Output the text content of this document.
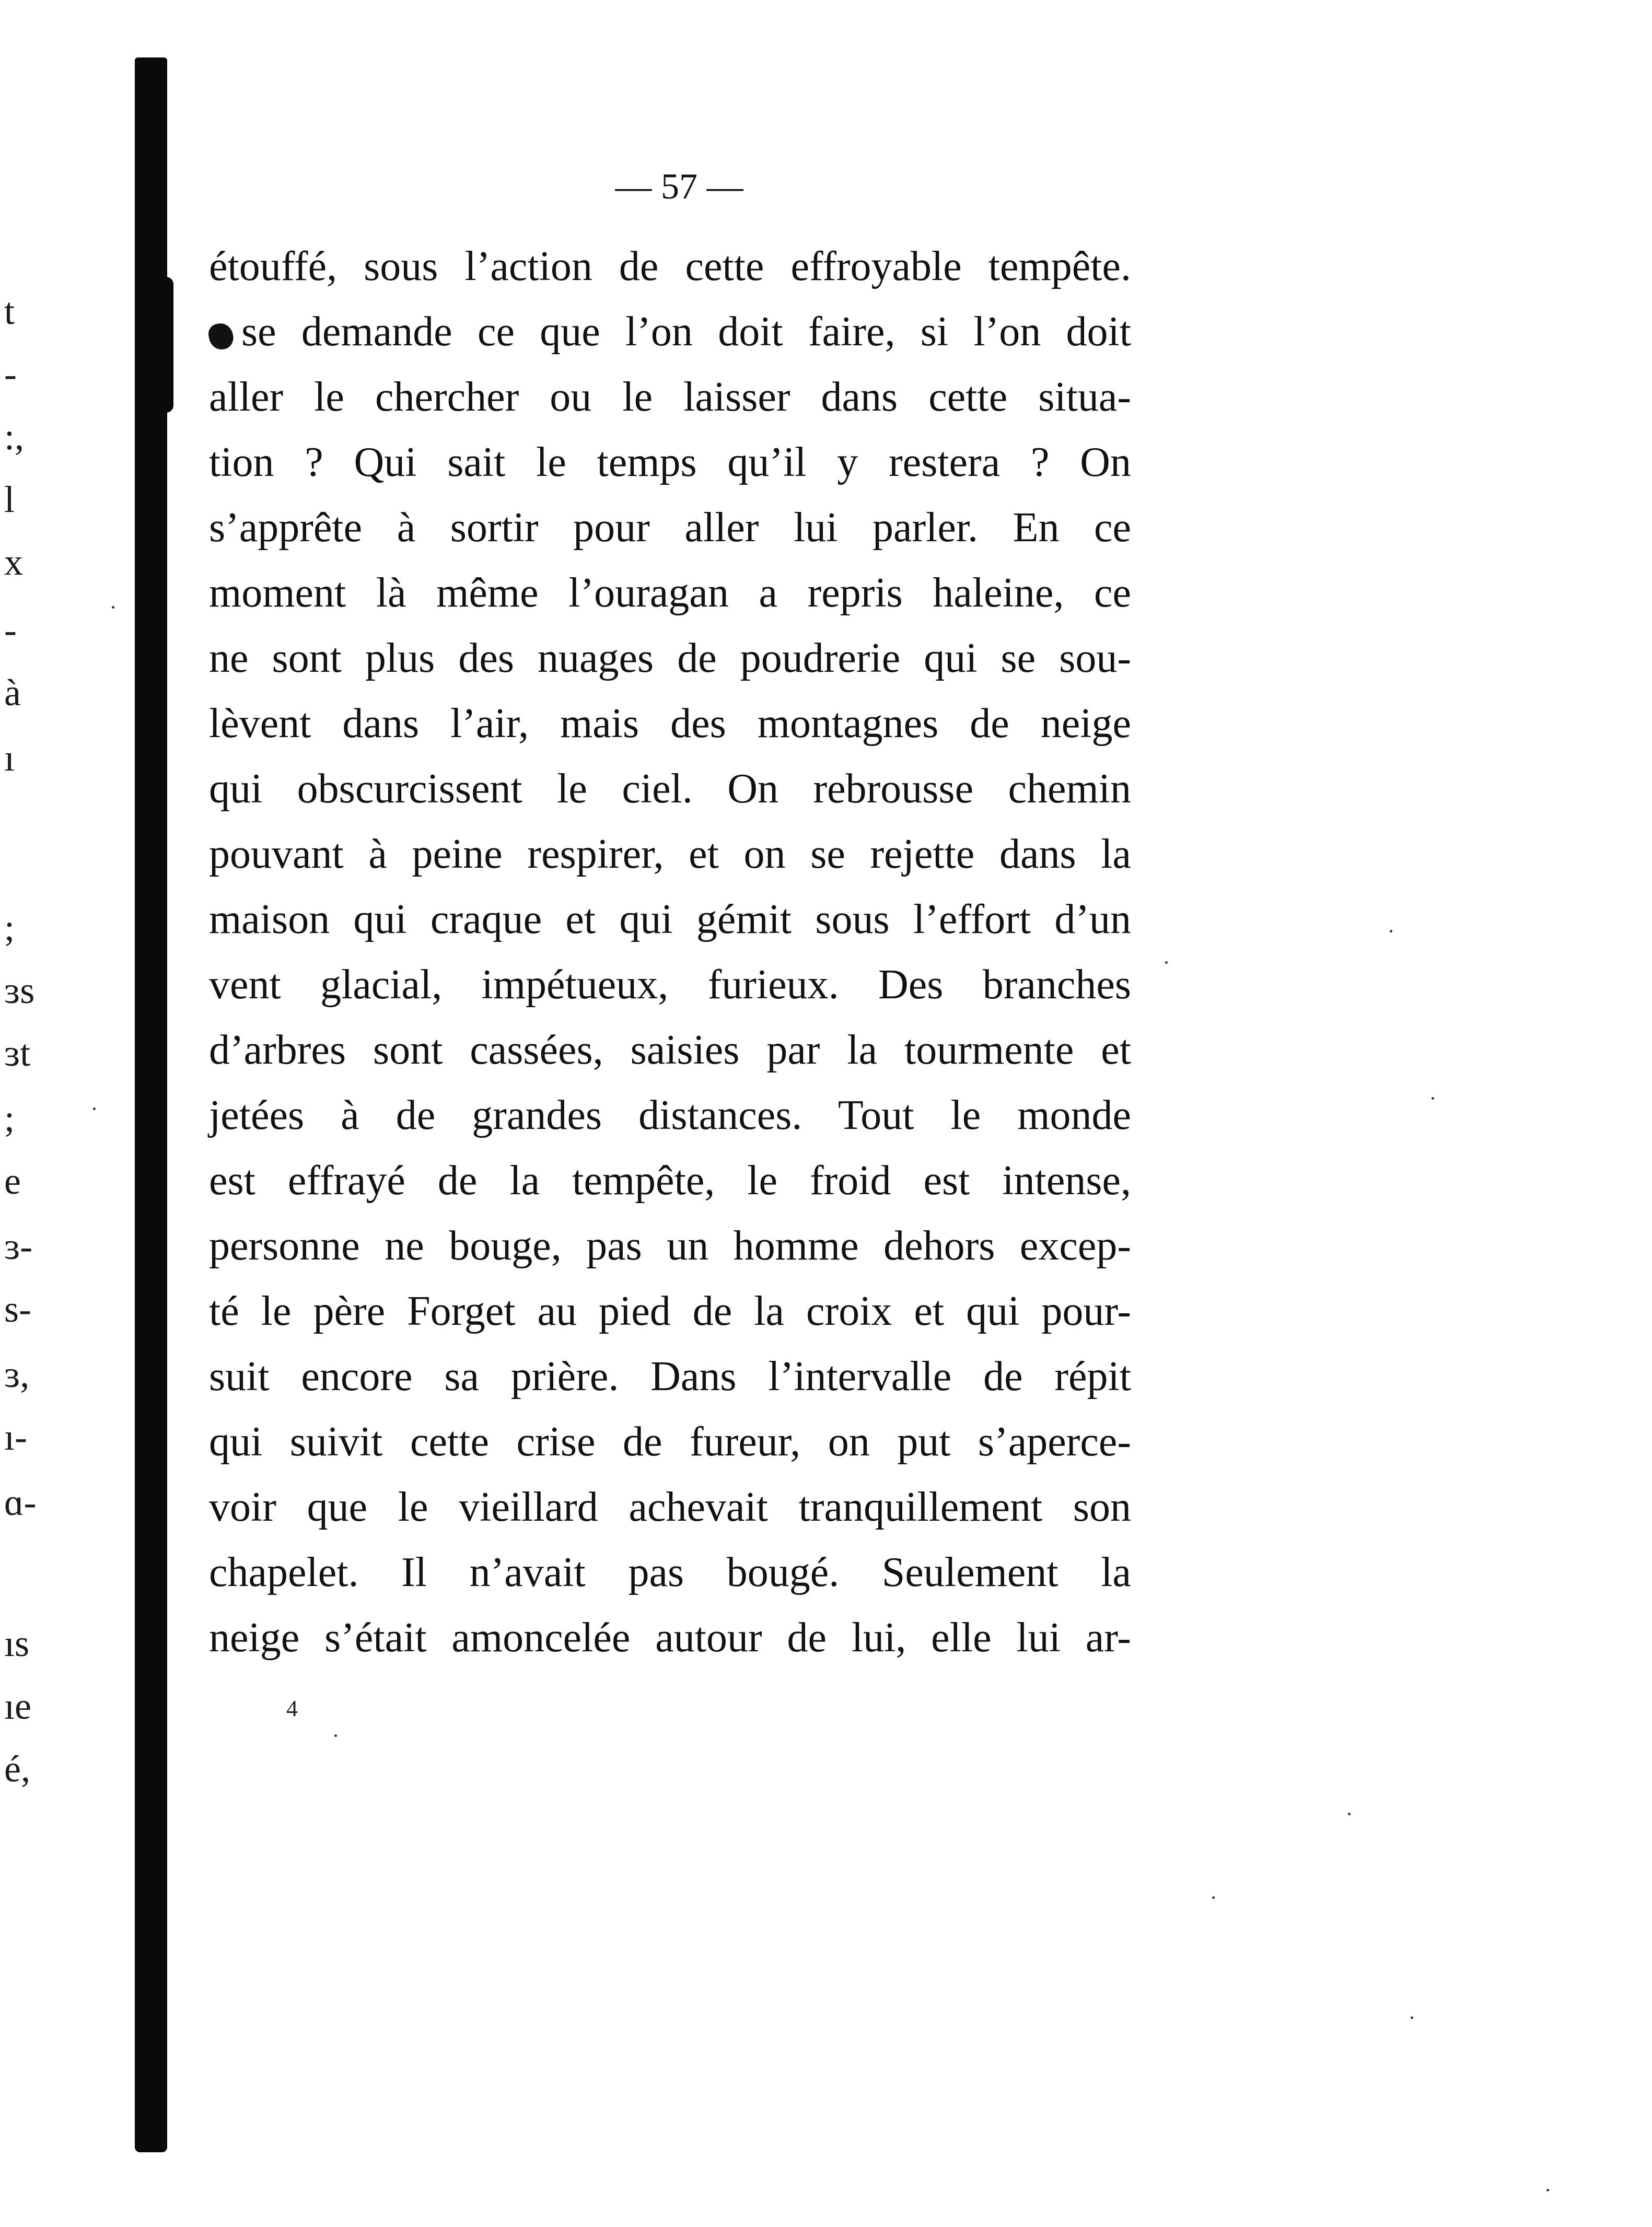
t
-
:,
l
x
-
à
ı
;
ɜs
ɜt
;
e
ɜ-
s-
ɜ,
ı-
ɑ-
ıs
ıe
é,
— 57 —
étouffé, sous l’action de cette effroyable tempête.
se demande ce que l’on doit faire, si l’on doit
aller le chercher ou le laisser dans cette situa-
tion ? Qui sait le temps qu’il y restera ? On
s’apprête à sortir pour aller lui parler. En ce
moment là même l’ouragan a repris haleine, ce
ne sont plus des nuages de poudrerie qui se sou-
lèvent dans l’air, mais des montagnes de neige
qui obscurcissent le ciel. On rebrousse chemin
pouvant à peine respirer, et on se rejette dans la
maison qui craque et qui gémit sous l’effort d’un
vent glacial, impétueux, furieux. Des branches
d’arbres sont cassées, saisies par la tourmente et
jetées à de grandes distances. Tout le monde
est effrayé de la tempête, le froid est intense,
personne ne bouge, pas un homme dehors excep-
té le père Forget au pied de la croix et qui pour-
suit encore sa prière. Dans l’intervalle de répit
qui suivit cette crise de fureur, on put s’aperce-
voir que le vieillard achevait tranquillement son
chapelet. Il n’avait pas bougé. Seulement la
neige s’était amoncelée autour de lui, elle lui ar-
4
